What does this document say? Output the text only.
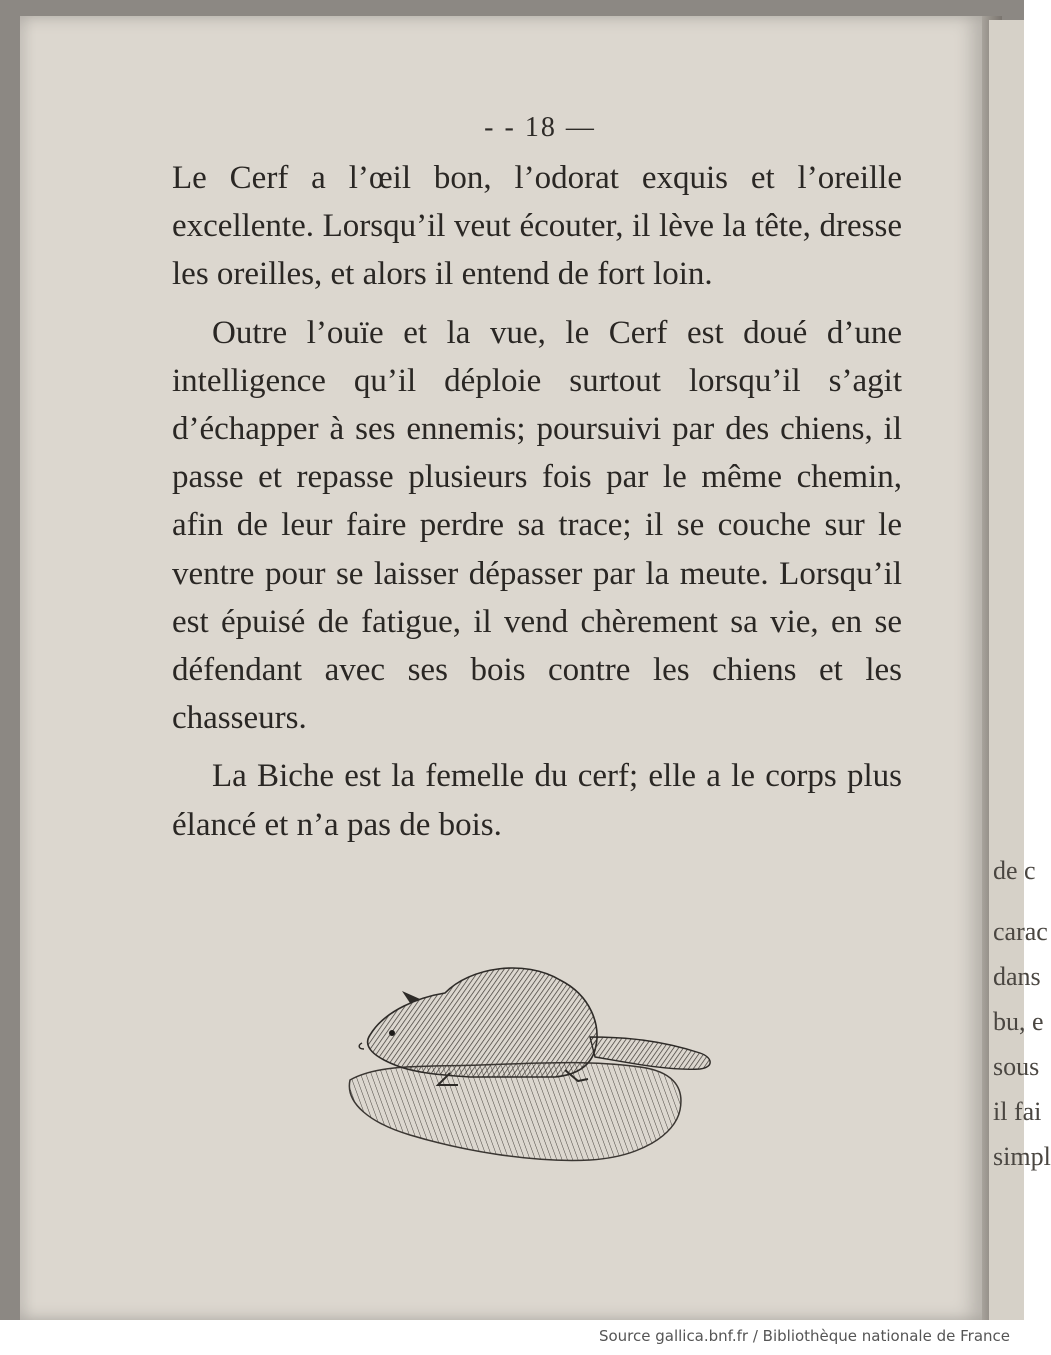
de c
carac
dans
bu, e
sous
il fai
simpl
- - 18 —

Le Cerf a l’œil bon, l’odorat exquis et l’oreille excellente. Lorsqu’il veut écouter, il lève la tête, dresse les oreilles, et alors il entend de fort loin.

Outre l’ouïe et la vue, le Cerf est doué d’une intelligence qu’il déploie surtout lorsqu’il s’agit d’échapper à ses ennemis; poursuivi par des chiens, il passe et repasse plusieurs fois par le même chemin, afin de leur faire perdre sa trace; il se couche sur le ventre pour se laisser dépasser par la meute. Lorsqu’il est épuisé de fatigue, il vend chèrement sa vie, en se défendant avec ses bois contre les chiens et les chasseurs.

La Biche est la femelle du cerf; elle a le corps plus élancé et n’a pas de bois.

Source gallica.bnf.fr / Bibliothèque nationale de France
